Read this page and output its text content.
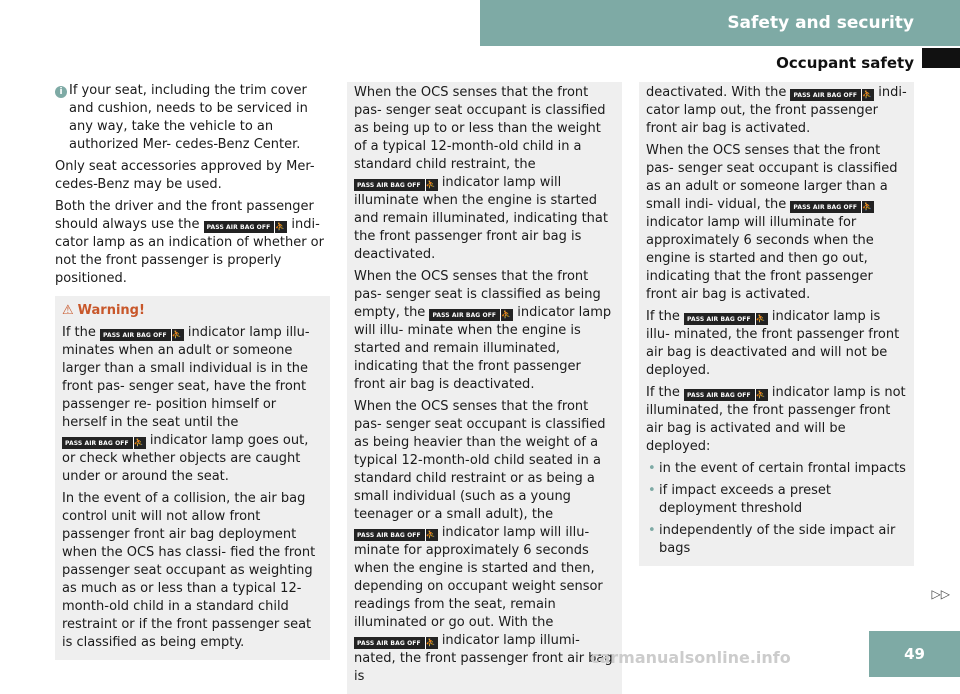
Safety and security
Occupant safety

i If your seat, including the trim cover and cushion, needs to be serviced in any way, take the vehicle to an authorized Mer- cedes-Benz Center.

Only seat accessories approved by Mer- cedes-Benz may be used.

Both the driver and the front passenger should always use the PASS AIR BAG OFF ⛹ indi- cator lamp as an indication of whether or not the front passenger is properly positioned.

⚠ Warning!

If the PASS AIR BAG OFF ⛹ indicator lamp illu- minates when an adult or someone larger than a small individual is in the front pas- senger seat, have the front passenger re- position himself or herself in the seat until the PASS AIR BAG OFF ⛹ indicator lamp goes out, or check whether objects are caught under or around the seat.

In the event of a collision, the air bag control unit will not allow front passenger front air bag deployment when the OCS has classi- fied the front passenger seat occupant as weighting as much as or less than a typical 12-month-old child in a standard child restraint or if the front passenger seat is classified as being empty.

When the OCS senses that the front pas- senger seat occupant is classified as being up to or less than the weight of a typical 12-month-old child in a standard child restraint, the PASS AIR BAG OFF ⛹ indicator lamp will illuminate when the engine is started and remain illuminated, indicating that the front passenger front air bag is deactivated.

When the OCS senses that the front pas- senger seat is classified as being empty, the PASS AIR BAG OFF ⛹ indicator lamp will illu- minate when the engine is started and remain illuminated, indicating that the front passenger front air bag is deactivated.

When the OCS senses that the front pas- senger seat occupant is classified as being heavier than the weight of a typical 12-month-old child seated in a standard child restraint or as being a small individual (such as a young teenager or a small adult), the PASS AIR BAG OFF ⛹ indicator lamp will illu- minate for approximately 6 seconds when the engine is started and then, depending on occupant weight sensor readings from the seat, remain illuminated or go out. With the PASS AIR BAG OFF ⛹ indicator lamp illumi- nated, the front passenger front air bag is

deactivated. With the PASS AIR BAG OFF ⛹ indi- cator lamp out, the front passenger front air bag is activated.

When the OCS senses that the front pas- senger seat occupant is classified as an adult or someone larger than a small indi- vidual, the PASS AIR BAG OFF ⛹ indicator lamp will illuminate for approximately 6 seconds when the engine is started and then go out, indicating that the front passenger front air bag is activated.

If the PASS AIR BAG OFF ⛹ indicator lamp is illu- minated, the front passenger front air bag is deactivated and will not be deployed.

If the PASS AIR BAG OFF ⛹ indicator lamp is not illuminated, the front passenger front air bag is activated and will be deployed:

• in the event of certain frontal impacts
• if impact exceeds a preset deployment threshold
• independently of the side impact air bags
▷▷
carmanualsonline.info	49
